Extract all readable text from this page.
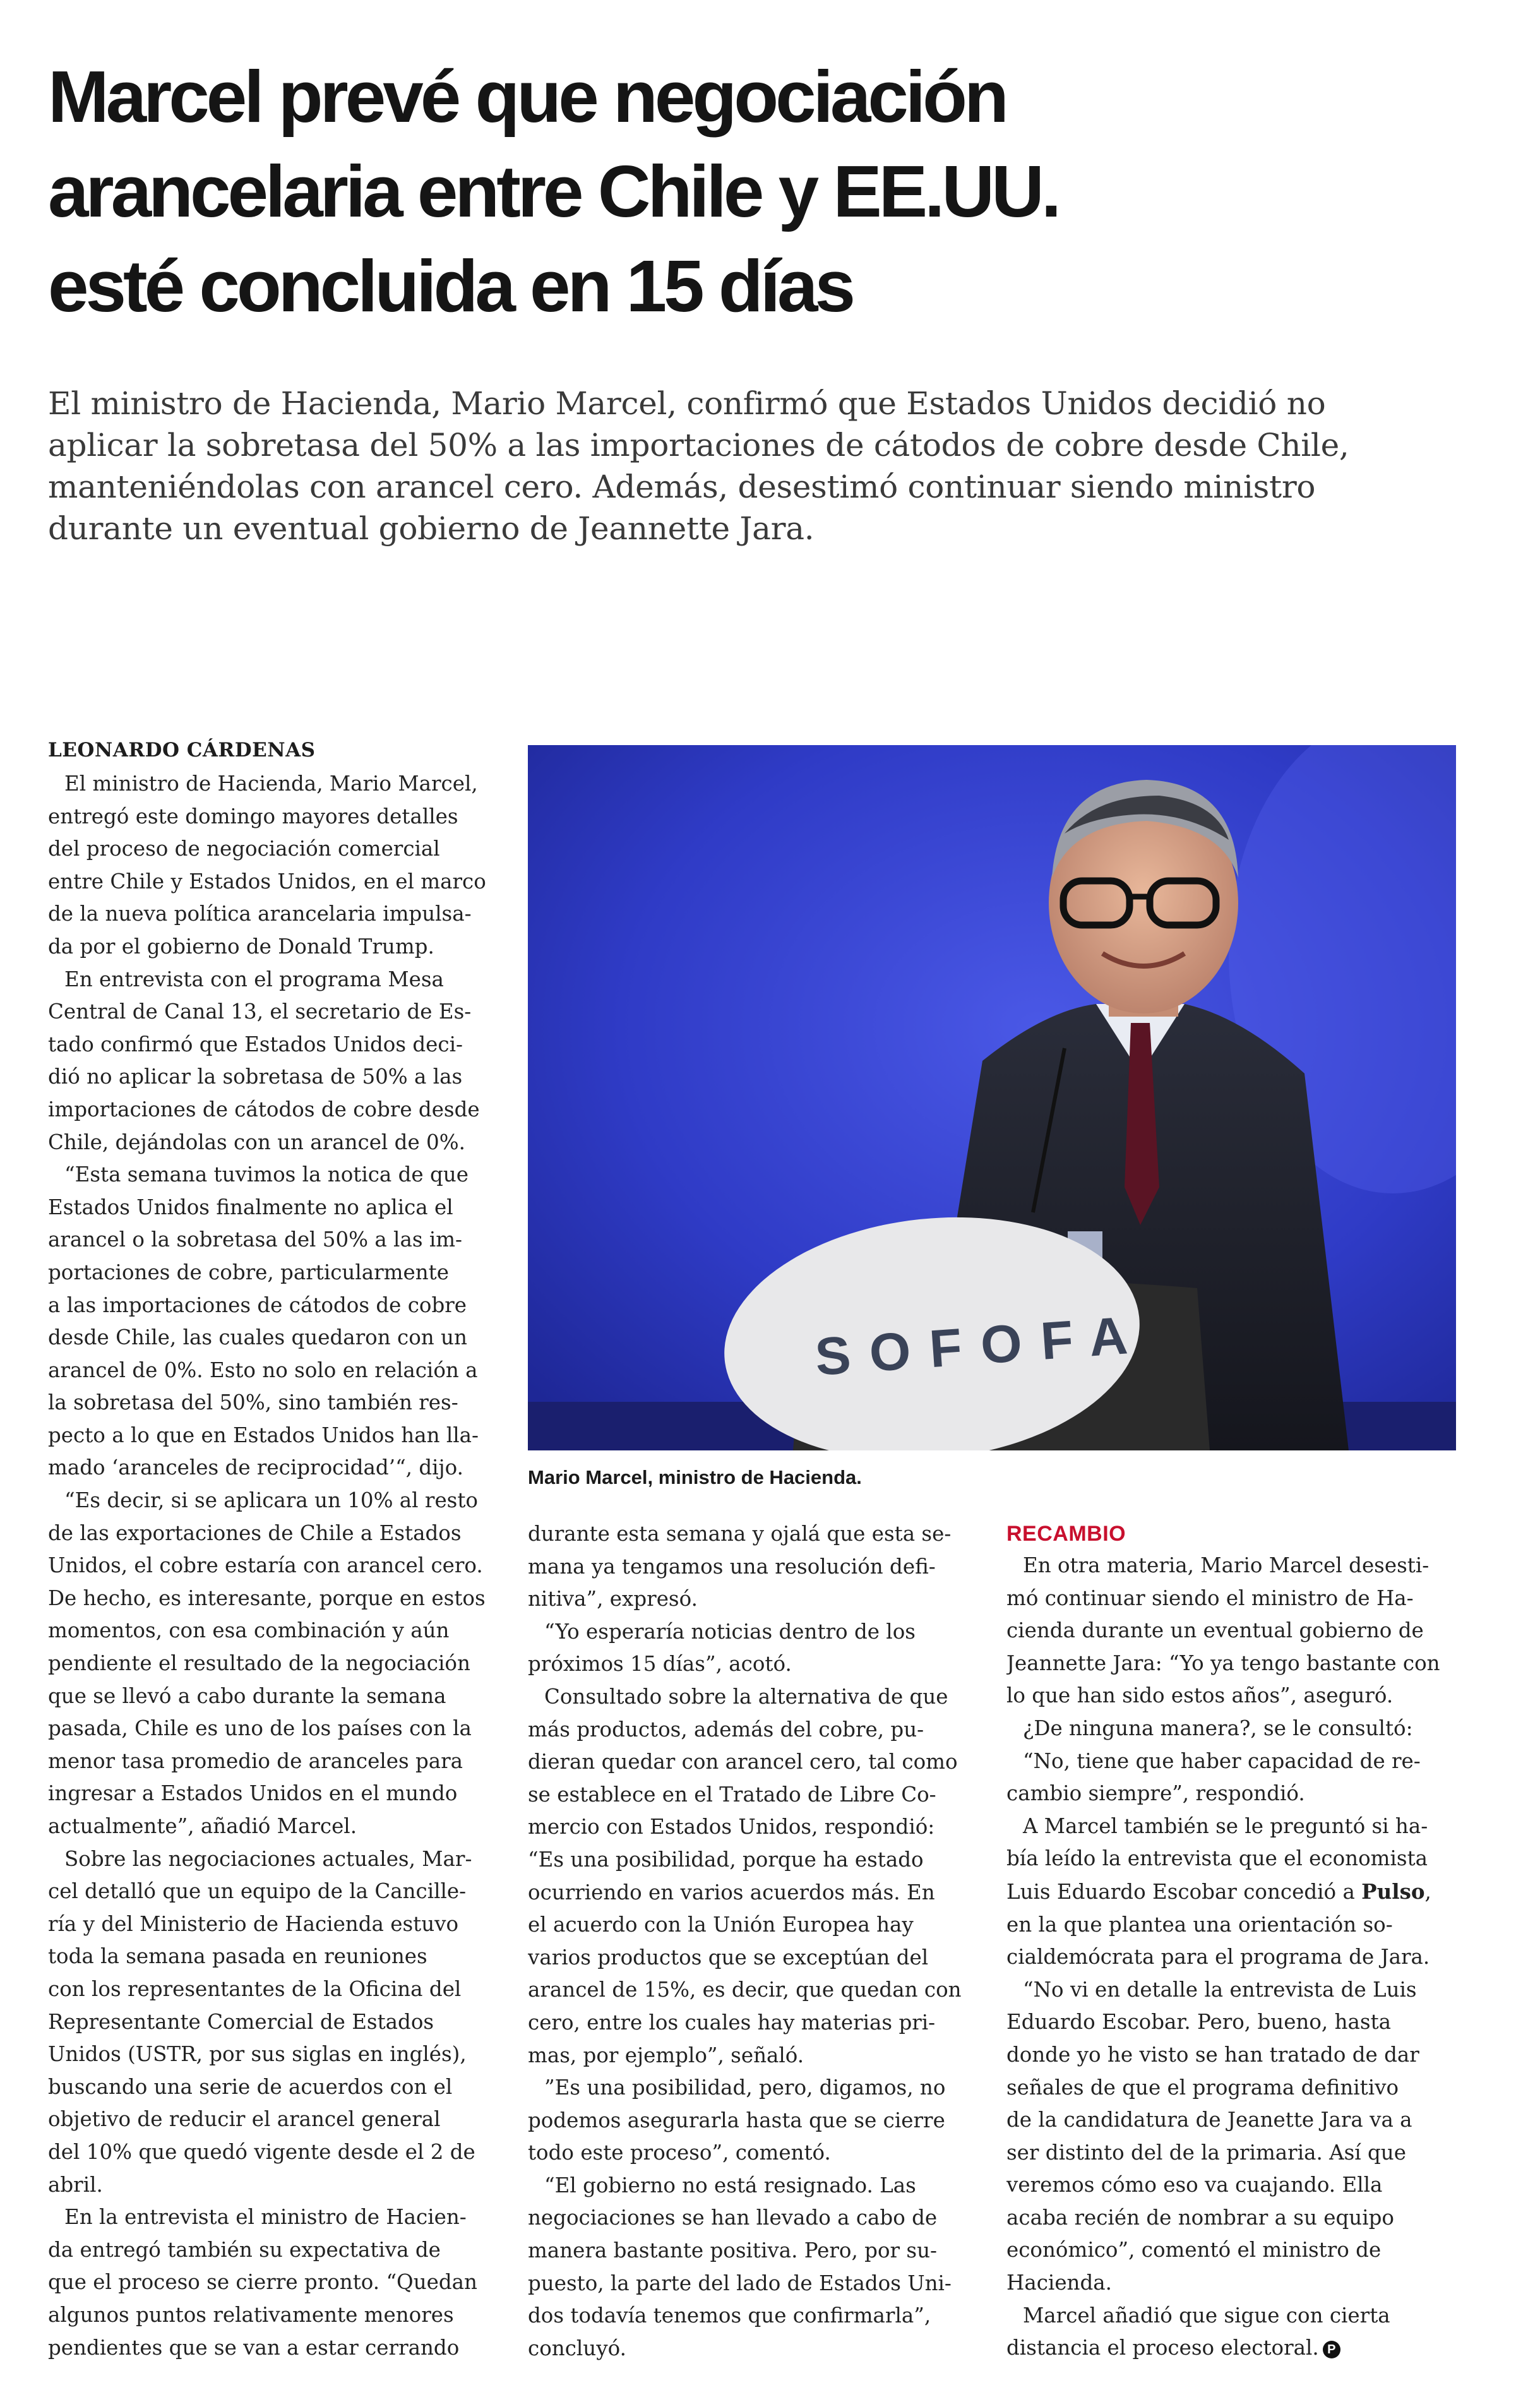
Marcel prevé que negociación
arancelaria entre Chile y EE.UU.
esté concluida en 15 días
El ministro de Hacienda, Mario Marcel, confirmó que Estados Unidos decidió no
aplicar la sobretasa del 50% a las importaciones de cátodos de cobre desde Chile,
manteniéndolas con arancel cero. Además, desestimó continuar siendo ministro
durante un eventual gobierno de Jeannette Jara.
LEONARDO CÁRDENAS

El ministro de Hacienda, Mario Marcel,
entregó este domingo mayores detalles
del proceso de negociación comercial
entre Chile y Estados Unidos, en el marco
de la nueva política arancelaria impulsa-
da por el gobierno de Donald Trump.

En entrevista con el programa Mesa
Central de Canal 13, el secretario de Es-
tado confirmó que Estados Unidos deci-
dió no aplicar la sobretasa de 50% a las
importaciones de cátodos de cobre desde
Chile, dejándolas con un arancel de 0%.

“Esta semana tuvimos la notica de que
Estados Unidos finalmente no aplica el
arancel o la sobretasa del 50% a las im-
portaciones de cobre, particularmente
a las importaciones de cátodos de cobre
desde Chile, las cuales quedaron con un
arancel de 0%. Esto no solo en relación a
la sobretasa del 50%, sino también res-
pecto a lo que en Estados Unidos han lla-
mado ‘aranceles de reciprocidad’“, dijo.

“Es decir, si se aplicara un 10% al resto
de las exportaciones de Chile a Estados
Unidos, el cobre estaría con arancel cero.
De hecho, es interesante, porque en estos
momentos, con esa combinación y aún
pendiente el resultado de la negociación
que se llevó a cabo durante la semana
pasada, Chile es uno de los países con la
menor tasa promedio de aranceles para
ingresar a Estados Unidos en el mundo
actualmente”, añadió Marcel.

Sobre las negociaciones actuales, Mar-
cel detalló que un equipo de la Cancille-
ría y del Ministerio de Hacienda estuvo
toda la semana pasada en reuniones
con los representantes de la Oficina del
Representante Comercial de Estados
Unidos (USTR, por sus siglas en inglés),
buscando una serie de acuerdos con el
objetivo de reducir el arancel general
del 10% que quedó vigente desde el 2 de
abril.

En la entrevista el ministro de Hacien-
da entregó también su expectativa de
que el proceso se cierre pronto. “Quedan
algunos puntos relativamente menores
pendientes que se van a estar cerrando

SOFOFA
Mario Marcel, ministro de Hacienda.

durante esta semana y ojalá que esta se-
mana ya tengamos una resolución defi-
nitiva”, expresó.

“Yo esperaría noticias dentro de los
próximos 15 días”, acotó.

Consultado sobre la alternativa de que
más productos, además del cobre, pu-
dieran quedar con arancel cero, tal como
se establece en el Tratado de Libre Co-
mercio con Estados Unidos, respondió:
“Es una posibilidad, porque ha estado
ocurriendo en varios acuerdos más. En
el acuerdo con la Unión Europea hay
varios productos que se exceptúan del
arancel de 15%, es decir, que quedan con
cero, entre los cuales hay materias pri-
mas, por ejemplo”, señaló.

”Es una posibilidad, pero, digamos, no
podemos asegurarla hasta que se cierre
todo este proceso”, comentó.

“El gobierno no está resignado. Las
negociaciones se han llevado a cabo de
manera bastante positiva. Pero, por su-
puesto, la parte del lado de Estados Uni-
dos todavía tenemos que confirmarla”,
concluyó.

RECAMBIO

En otra materia, Mario Marcel desesti-
mó continuar siendo el ministro de Ha-
cienda durante un eventual gobierno de
Jeannette Jara: “Yo ya tengo bastante con
lo que han sido estos años”, aseguró.

¿De ninguna manera?, se le consultó:

“No, tiene que haber capacidad de re-
cambio siempre”, respondió.

A Marcel también se le preguntó si ha-
bía leído la entrevista que el economista
Luis Eduardo Escobar concedió a Pulso,
en la que plantea una orientación so-
cialdemócrata para el programa de Jara.

“No vi en detalle la entrevista de Luis
Eduardo Escobar. Pero, bueno, hasta
donde yo he visto se han tratado de dar
señales de que el programa definitivo
de la candidatura de Jeanette Jara va a
ser distinto del de la primaria. Así que
veremos cómo eso va cuajando. Ella
acaba recién de nombrar a su equipo
económico”, comentó el ministro de
Hacienda.

Marcel añadió que sigue con cierta
distancia el proceso electoral. P
